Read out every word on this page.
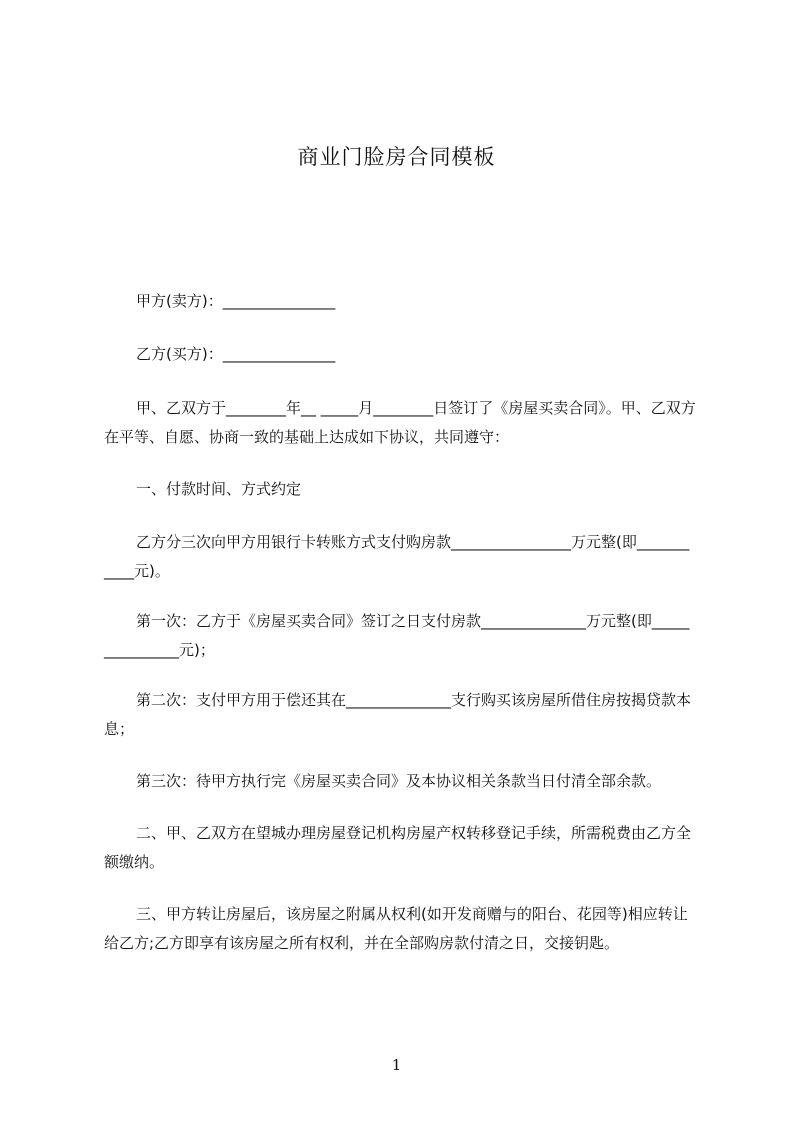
商业门脸房合同模板
甲方(卖方)：_______________
乙方(买方)：_______________
甲、乙双方于________年__ _____月________日签订了《房屋买卖合同》。甲、乙双方在平等、自愿、协商一致的基础上达成如下协议，共同遵守：
一、付款时间、方式约定
乙方分三次向甲方用银行卡转账方式支付购房款________________万元整(即___________元)。
第一次：乙方于《房屋买卖合同》签订之日支付房款______________万元整(即_______________元)；
第二次：支付甲方用于偿还其在______________支行购买该房屋所借住房按揭贷款本息；
第三次：待甲方执行完《房屋买卖合同》及本协议相关条款当日付清全部余款。
二、甲、乙双方在望城办理房屋登记机构房屋产权转移登记手续，所需税费由乙方全额缴纳。
三、甲方转让房屋后，该房屋之附属从权利(如开发商赠与的阳台、花园等)相应转让给乙方;乙方即享有该房屋之所有权利，并在全部购房款付清之日，交接钥匙。
1
